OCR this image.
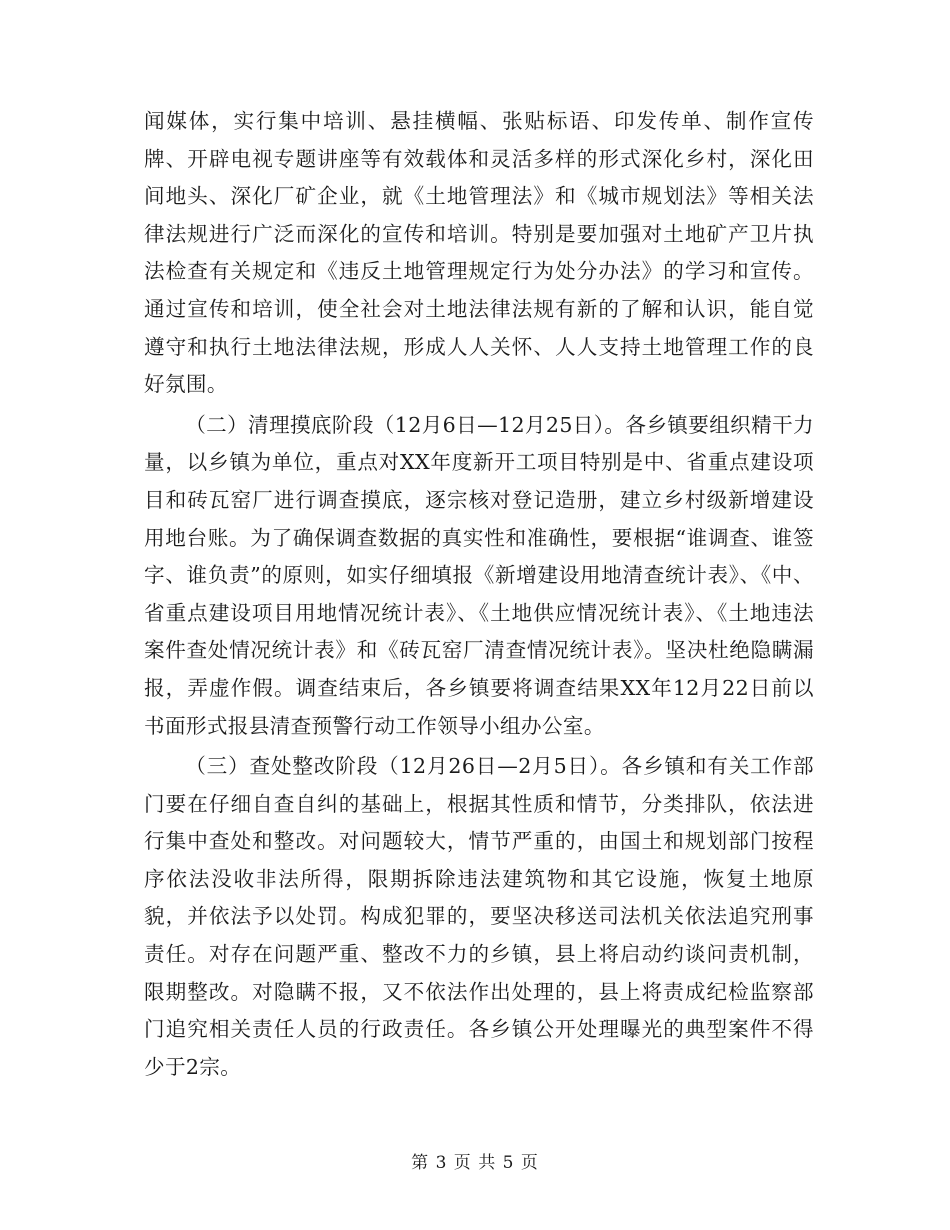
闻媒体，实行集中培训、悬挂横幅、张贴标语、印发传单、制作宣传牌、开辟电视专题讲座等有效载体和灵活多样的形式深化乡村，深化田间地头、深化厂矿企业，就《土地管理法》和《城市规划法》等相关法律法规进行广泛而深化的宣传和培训。特别是要加强对土地矿产卫片执法检查有关规定和《违反土地管理规定行为处分办法》的学习和宣传。通过宣传和培训，使全社会对土地法律法规有新的了解和认识，能自觉遵守和执行土地法律法规，形成人人关怀、人人支持土地管理工作的良好氛围。

（二）清理摸底阶段（12月6日—12月25日）。各乡镇要组织精干力量，以乡镇为单位，重点对XX年度新开工项目特别是中、省重点建设项目和砖瓦窑厂进行调查摸底，逐宗核对登记造册，建立乡村级新增建设用地台账。为了确保调查数据的真实性和准确性，要根据“谁调查、谁签字、谁负责”的原则，如实仔细填报《新增建设用地清查统计表》、《中、省重点建设项目用地情况统计表》、《土地供应情况统计表》、《土地违法案件查处情况统计表》和《砖瓦窑厂清查情况统计表》。坚决杜绝隐瞒漏报，弄虚作假。调查结束后，各乡镇要将调查结果XX年12月22日前以书面形式报县清查预警行动工作领导小组办公室。

（三）查处整改阶段（12月26日—2月5日）。各乡镇和有关工作部门要在仔细自查自纠的基础上，根据其性质和情节，分类排队，依法进行集中查处和整改。对问题较大，情节严重的，由国土和规划部门按程序依法没收非法所得，限期拆除违法建筑物和其它设施，恢复土地原貌，并依法予以处罚。构成犯罪的，要坚决移送司法机关依法追究刑事责任。对存在问题严重、整改不力的乡镇，县上将启动约谈问责机制，限期整改。对隐瞒不报，又不依法作出处理的，县上将责成纪检监察部门追究相关责任人员的行政责任。各乡镇公开处理曝光的典型案件不得少于2宗。

第 3 页 共 5 页
